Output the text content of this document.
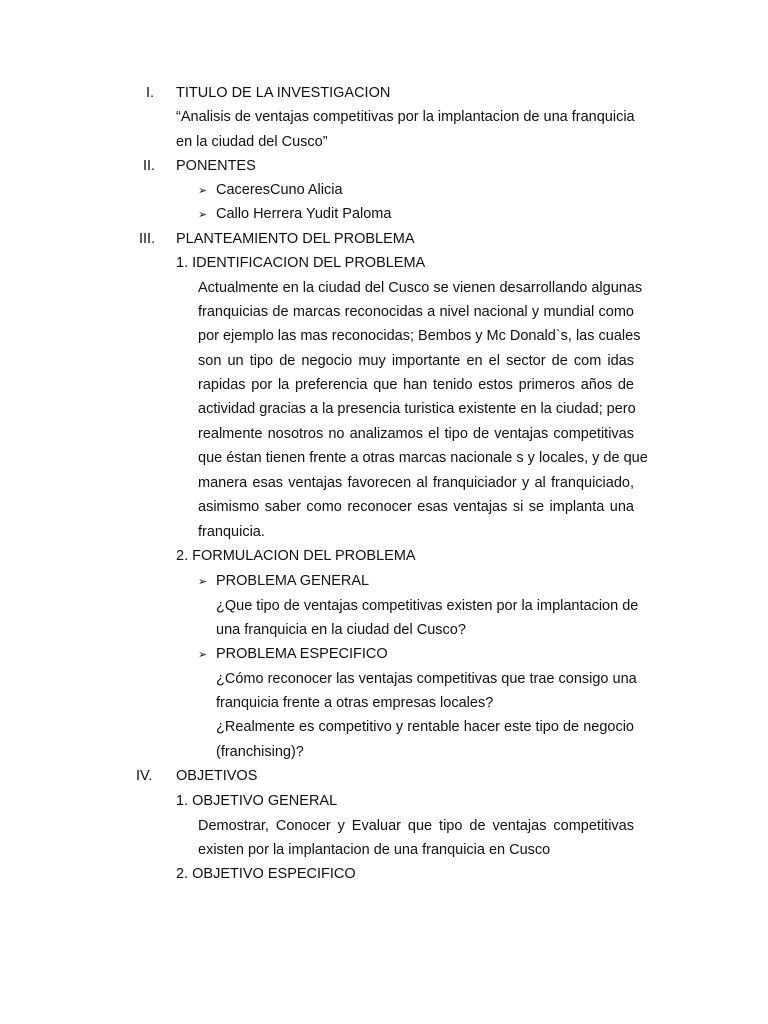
I. TITULO DE LA INVESTIGACION
“Analisis de ventajas competitivas por la implantacion de una franquicia
en la ciudad del Cusco”
II. PONENTES
➢ CaceresCuno Alicia
➢ Callo Herrera Yudit Paloma
III. PLANTEAMIENTO DEL PROBLEMA
1. IDENTIFICACION DEL PROBLEMA
Actualmente en la ciudad del Cusco se vienen desarrollando algunas
franquicias de marcas reconocidas a nivel nacional y mundial como
por ejemplo las mas reconocidas; Bembos y Mc Donald`s, las cuales
son un tipo de negocio muy importante en el sector de com idas
rapidas por la preferencia que han tenido estos primeros años de
actividad gracias a la presencia turistica existente en la ciudad; pero
realmente nosotros no analizamos el tipo de ventajas competitivas
que éstan tienen frente a otras marcas nacionale s y locales, y de que
manera esas ventajas favorecen al franquiciador y al franquiciado,
asimismo saber como reconocer esas ventajas si se implanta una
franquicia.
2. FORMULACION DEL PROBLEMA
➢ PROBLEMA GENERAL
¿Que tipo de ventajas competitivas existen por la implantacion de
una franquicia en la ciudad del Cusco?
➢ PROBLEMA ESPECIFICO
¿Cómo reconocer las ventajas competitivas que trae consigo una
franquicia frente a otras empresas locales?
¿Realmente es competitivo y rentable hacer este tipo de negocio
(franchising)?
IV. OBJETIVOS
1. OBJETIVO GENERAL
Demostrar, Conocer y Evaluar que tipo de ventajas competitivas
existen por la implantacion de una franquicia en Cusco
2. OBJETIVO ESPECIFICO
